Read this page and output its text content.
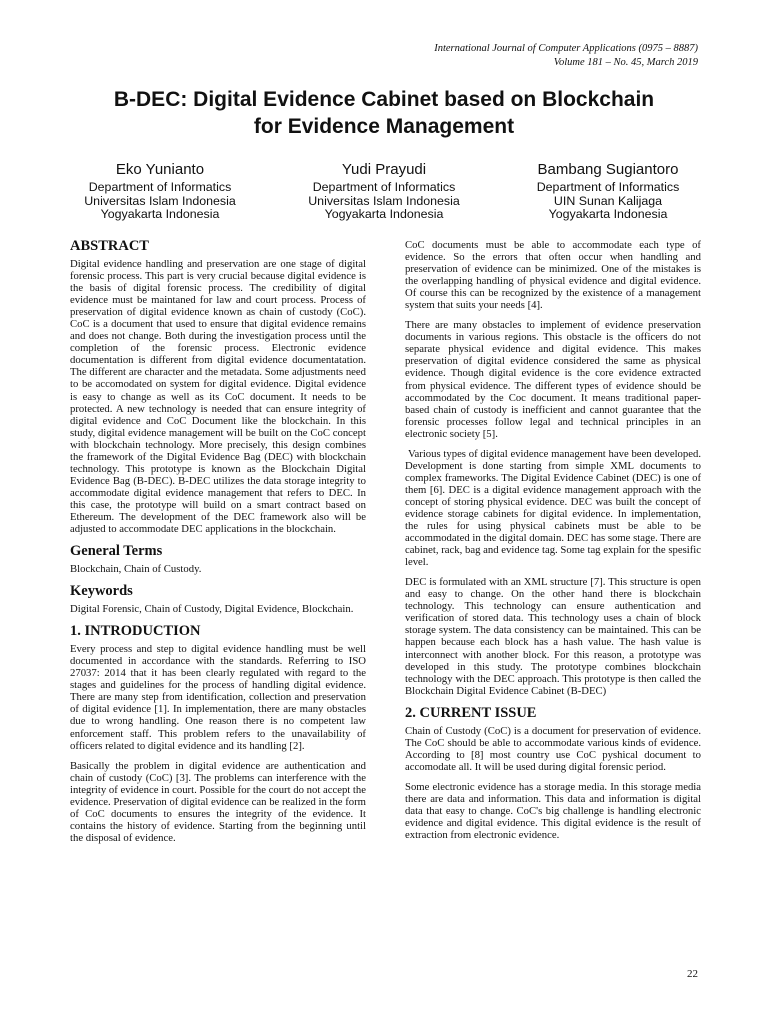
International Journal of Computer Applications (0975 – 8887)
Volume 181 – No. 45, March 2019
B-DEC: Digital Evidence Cabinet based on Blockchain
for Evidence Management
Eko Yunianto
Department of Informatics
Universitas Islam Indonesia
Yogyakarta Indonesia
Yudi Prayudi
Department of Informatics
Universitas Islam Indonesia
Yogyakarta Indonesia
Bambang Sugiantoro
Department of Informatics
UIN Sunan Kalijaga
Yogyakarta Indonesia
ABSTRACT

Digital evidence handling and preservation are one stage of digital forensic process. This part is very crucial because digital evidence is the basis of digital forensic process. The credibility of digital evidence must be maintaned for law and court process. Process of preservation of digital evidence known as chain of custody (CoC). CoC is a document that used to ensure that digital evidence remains and does not change. Both during the investigation process until the completion of the forensic process. Electronic evidence documentation is different from digital evidence documentatation. The different are character and the metadata. Some adjustments need to be accomodated on system for digital evidence. Digital evidence is easy to change as well as its CoC document. It needs to be protected. A new technology is needed that can ensure integrity of digital evidence and CoC Document like the blockchain. In this study, digital evidence management will be built on the CoC concept with blockchain technology. More precisely, this design combines the framework of the Digital Evidence Bag (DEC) with blockchain technology. This prototype is known as the Blockchain Digital Evidence Bag (B-DEC). B-DEC utilizes the data storage integrity to accommodate digital evidence management that refers to DEC. In this case, the prototype will build on a smart contract based on Ethereum. The development of the DEC framework also will be adjusted to accommodate DEC applications in the blockchain.

General Terms

Blockchain, Chain of Custody.

Keywords

Digital Forensic, Chain of Custody, Digital Evidence, Blockchain.

1. INTRODUCTION

Every process and step to digital evidence handling must be well documented in accordance with the standards. Referring to ISO 27037: 2014 that it has been clearly regulated with regard to the stages and guidelines for the process of handling digital evidence. There are many step from identification, collection and preservation of digital evidence [1]. In implementation, there are many obstacles due to wrong handling. One reason there is no competent law enforcement staff. This problem refers to the unavailability of officers related to digital evidence and its handling [2].

Basically the problem in digital evidence are authentication and chain of custody (CoC) [3]. The problems can interference with the integrity of evidence in court. Possible for the court do not accept the evidence. Preservation of digital evidence can be realized in the form of CoC documents to ensures the integrity of the evidence. It contains the history of evidence. Starting from the beginning until the disposal of evidence.

CoC documents must be able to accommodate each type of evidence. So the errors that often occur when handling and preservation of evidence can be minimized. One of the mistakes is the overlapping handling of physical evidence and digital evidence. Of course this can be recognized by the existence of a management system that suits your needs [4].

There are many obstacles to implement of evidence preservation documents in various regions. This obstacle is the officers do not separate physical evidence and digital evidence. This makes preservation of digital evidence considered the same as physical evidence. Though digital evidence is the core evidence extracted from physical evidence. The different types of evidence should be accommodated by the Coc document. It means traditional paper-based chain of custody is inefficient and cannot guarantee that the forensic processes follow legal and technical principles in an electronic society [5].

Various types of digital evidence management have been developed. Development is done starting from simple XML documents to complex frameworks. The Digital Evidence Cabinet (DEC) is one of them [6]. DEC is a digital evidence management approach with the concept of storing physical evidence. DEC was built the concept of evidence storage cabinets for digital evidence. In implementation, the rules for using physical cabinets must be able to be accommodated in the digital domain. DEC has some stage. There are cabinet, rack, bag and evidence tag. Some tag explain for the spesific level.

DEC is formulated with an XML structure [7]. This structure is open and easy to change. On the other hand there is blockchain technology. This technology can ensure authentication and verification of stored data. This technology uses a chain of block storage system. The data consistency can be maintained. This can be happen because each block has a hash value. The hash value is interconnect with another block. For this reason, a prototype was developed in this study. The prototype combines blockchain technology with the DEC approach. This prototype is then called the Blockchain Digital Evidence Cabinet (B-DEC)

2. CURRENT ISSUE

Chain of Custody (CoC) is a document for preservation of evidence. The CoC should be able to accommodate various kinds of evidence. According to [8] most country use CoC pyshical document to accomodate all. It will be used during digital forensic period.

Some electronic evidence has a storage media. In this storage media there are data and information. This data and information is digital data that easy to change. CoC's big challenge is handling electronic evidence and digital evidence. This digital evidence is the result of extraction from electronic evidence.

22
